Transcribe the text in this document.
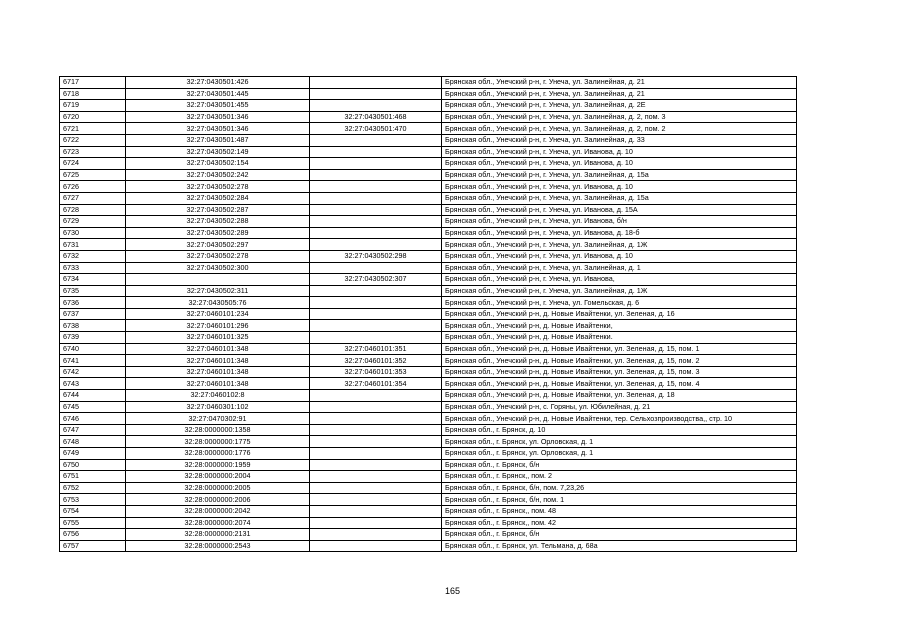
6717	32:27:0430501:426		Брянская обл., Унечский р-н, г. Унеча, ул. Залинейная, д. 21
6718	32:27:0430501:445		Брянская обл., Унечский р-н, г. Унеча, ул. Залинейная, д. 21
6719	32:27:0430501:455		Брянская обл., Унечский р-н, г. Унеча, ул. Залинейная, д. 2Е
6720	32:27:0430501:346	32:27:0430501:468	Брянская обл., Унечский р-н, г. Унеча, ул. Залинейная, д. 2, пом. 3
6721	32:27:0430501:346	32:27:0430501:470	Брянская обл., Унечский р-н, г. Унеча, ул. Залинейная, д. 2, пом. 2
6722	32:27:0430501:487		Брянская обл., Унечский р-н, г. Унеча, ул. Залинейная, д. 33
6723	32:27:0430502:149		Брянская обл., Унечский р-н, г. Унеча, ул. Иванова, д. 10
6724	32:27:0430502:154		Брянская обл., Унечский р-н, г. Унеча, ул. Иванова, д. 10
6725	32:27:0430502:242		Брянская обл., Унечский р-н, г. Унеча, ул. Залинейная, д. 15а
6726	32:27:0430502:278		Брянская обл., Унечский р-н, г. Унеча, ул. Иванова, д. 10
6727	32:27:0430502:284		Брянская обл., Унечский р-н, г. Унеча, ул. Залинейная, д. 15а
6728	32:27:0430502:287		Брянская обл., Унечский р-н, г. Унеча, ул. Иванова, д. 15А
6729	32:27:0430502:288		Брянская обл., Унечский р-н, г. Унеча, ул. Иванова, б/н
6730	32:27:0430502:289		Брянская обл., Унечский р-н, г. Унеча, ул. Иванова, д. 18-б
6731	32:27:0430502:297		Брянская обл., Унечский р-н, г. Унеча, ул. Залинейная, д. 1Ж
6732	32:27:0430502:278	32:27:0430502:298	Брянская обл., Унечский р-н, г. Унеча, ул. Иванова, д. 10
6733	32:27:0430502:300		Брянская обл., Унечский р-н, г. Унеча, ул. Залинейная, д. 1
6734		32:27:0430502:307	Брянская обл., Унечский р-н, г. Унеча, ул. Иванова,
6735	32:27:0430502:311		Брянская обл., Унечский р-н, г. Унеча, ул. Залинейная, д. 1Ж
6736	32:27:0430505:76		Брянская обл., Унечский р-н, г. Унеча, ул. Гомельская, д. 6
6737	32:27:0460101:234		Брянская обл., Унечский р-н, д. Новые Ивайтенки, ул. Зеленая, д. 16
6738	32:27:0460101:296		Брянская обл., Унечский р-н, д. Новые Ивайтенки,
6739	32:27:0460101:325		Брянская обл., Унечский р-н, д. Новые Ивайтенки.
6740	32:27:0460101:348	32:27:0460101:351	Брянская обл., Унечский р-н, д. Новые Ивайтенки, ул. Зеленая, д. 15, пом. 1
6741	32:27:0460101:348	32:27:0460101:352	Брянская обл., Унечский р-н, д. Новые Ивайтенки, ул. Зеленая, д. 15, пом. 2
6742	32:27:0460101:348	32:27:0460101:353	Брянская обл., Унечский р-н, д. Новые Ивайтенки, ул. Зеленая, д. 15, пом. 3
6743	32:27:0460101:348	32:27:0460101:354	Брянская обл., Унечский р-н, д. Новые Ивайтенки, ул. Зеленая, д. 15, пом. 4
6744	32:27:0460102:8		Брянская обл., Унечский р-н, д. Новые Ивайтенки, ул. Зеленая, д. 18
6745	32:27:0460301:102		Брянская обл., Унечский р-н, с. Горяны, ул. Юбилейная, д. 21
6746	32:27:0470302:91		Брянская обл., Унечский р-н, д. Новые Ивайтенки, тер. Сельхозпроизводства,, стр. 10
6747	32:28:0000000:1358		Брянская обл., г. Брянск, д. 10
6748	32:28:0000000:1775		Брянская обл., г. Брянск, ул. Орловская, д. 1
6749	32:28:0000000:1776		Брянская обл., г. Брянск, ул. Орловская, д. 1
6750	32:28:0000000:1959		Брянская обл., г. Брянск, б/н
6751	32:28:0000000:2004		Брянская обл., г. Брянск,, пом. 2
6752	32:28:0000000:2005		Брянская обл., г. Брянск, б/н, пом. 7,23,26
6753	32:28:0000000:2006		Брянская обл., г. Брянск, б/н, пом. 1
6754	32:28:0000000:2042		Брянская обл., г. Брянск,, пом. 48
6755	32:28:0000000:2074		Брянская обл., г. Брянск,, пом. 42
6756	32:28:0000000:2131		Брянская обл., г. Брянск, б/н
6757	32:28:0000000:2543		Брянская обл., г. Брянск, ул. Тельмана, д. 68а
165
